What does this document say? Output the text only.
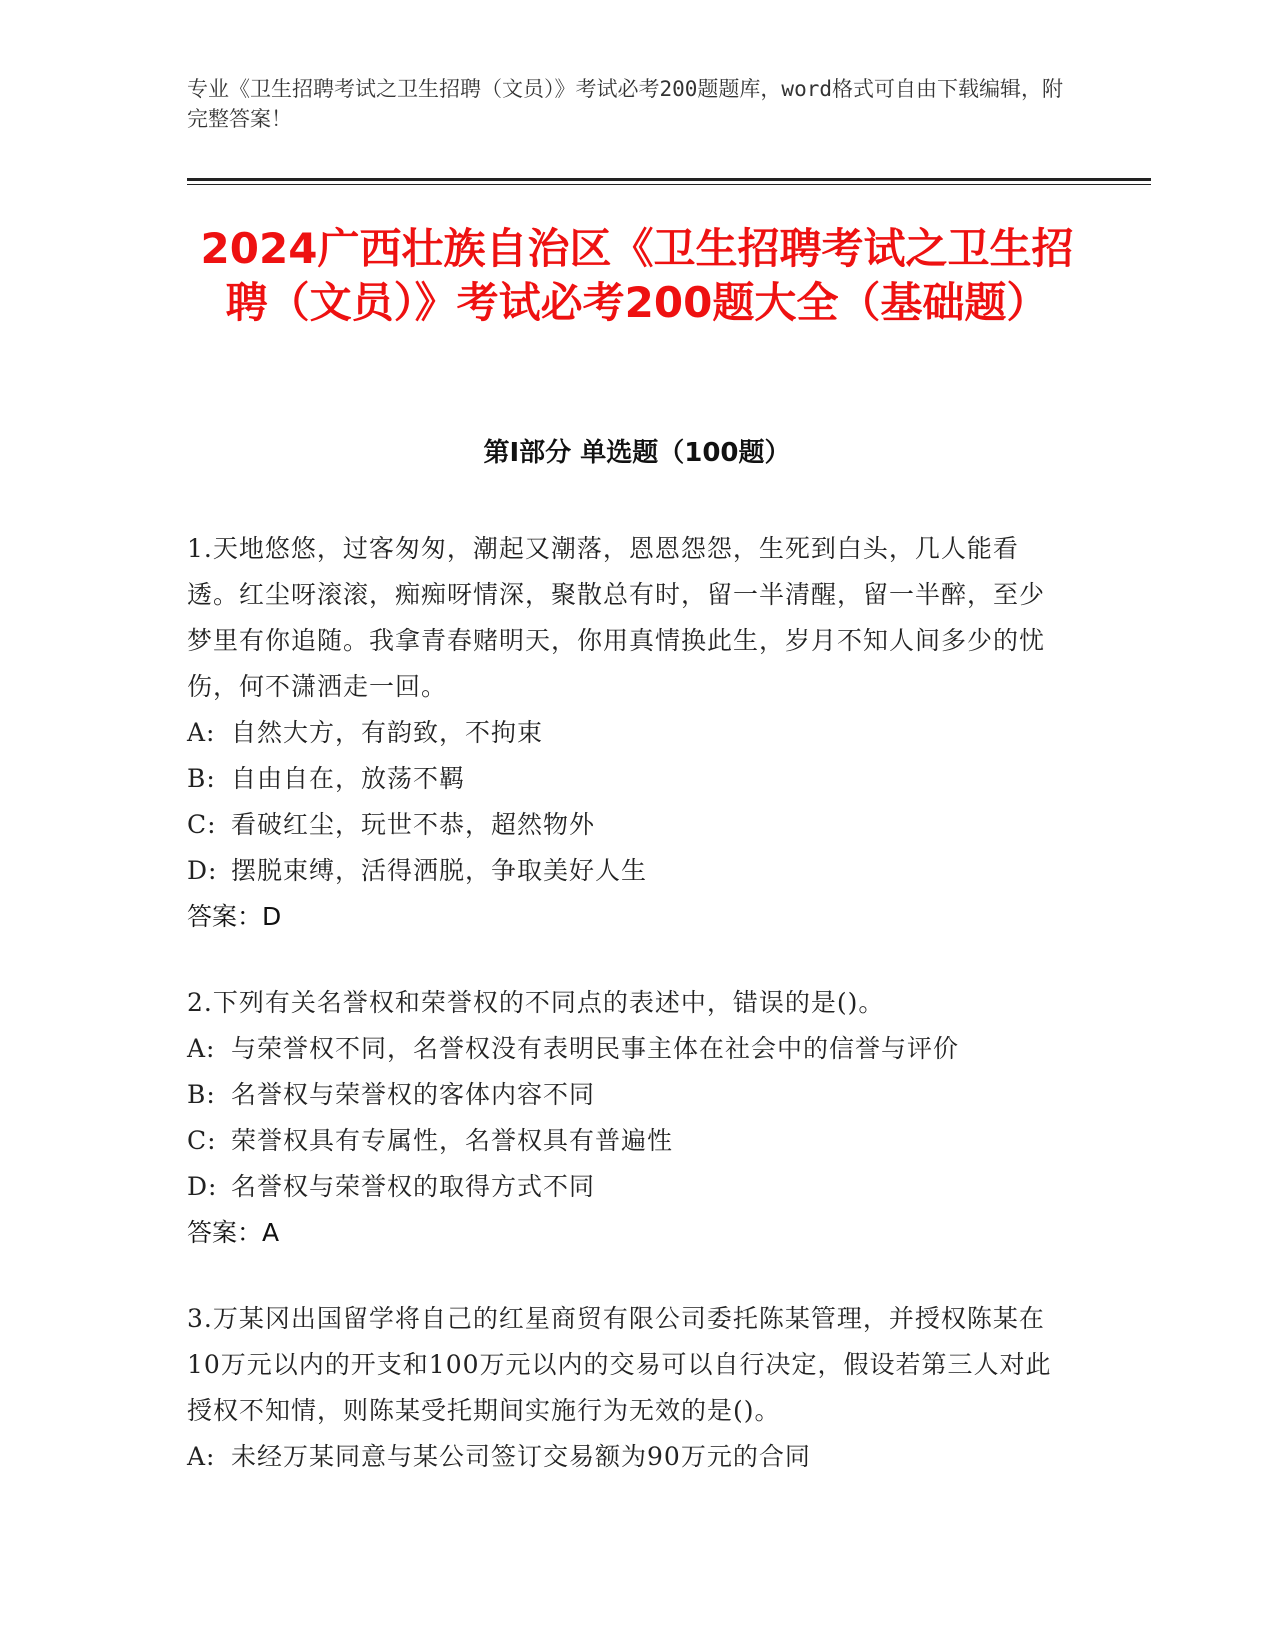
专业《卫生招聘考试之卫生招聘（文员）》考试必考200题题库，word格式可自由下载编辑，附完整答案！
2024广西壮族自治区《卫生招聘考试之卫生招聘（文员）》考试必考200题大全（基础题）
第I部分 单选题（100题）

1.天地悠悠，过客匆匆，潮起又潮落，恩恩怨怨，生死到白头，几人能看透。红尘呀滚滚，痴痴呀情深，聚散总有时，留一半清醒，留一半醉，至少梦里有你追随。我拿青春赌明天，你用真情换此生，岁月不知人间多少的忧伤，何不潇洒走一回。

A: 自然大方，有韵致，不拘束

B: 自由自在，放荡不羁

C: 看破红尘，玩世不恭，超然物外

D: 摆脱束缚，活得洒脱，争取美好人生

答案：D

2.下列有关名誉权和荣誉权的不同点的表述中，错误的是()。

A: 与荣誉权不同，名誉权没有表明民事主体在社会中的信誉与评价

B: 名誉权与荣誉权的客体内容不同

C: 荣誉权具有专属性，名誉权具有普遍性

D: 名誉权与荣誉权的取得方式不同

答案：A

3.万某冈出国留学将自己的红星商贸有限公司委托陈某管理，并授权陈某在10万元以内的开支和100万元以内的交易可以自行决定，假设若第三人对此授权不知情，则陈某受托期间实施行为无效的是()。

A: 未经万某同意与某公司签订交易额为90万元的合同
